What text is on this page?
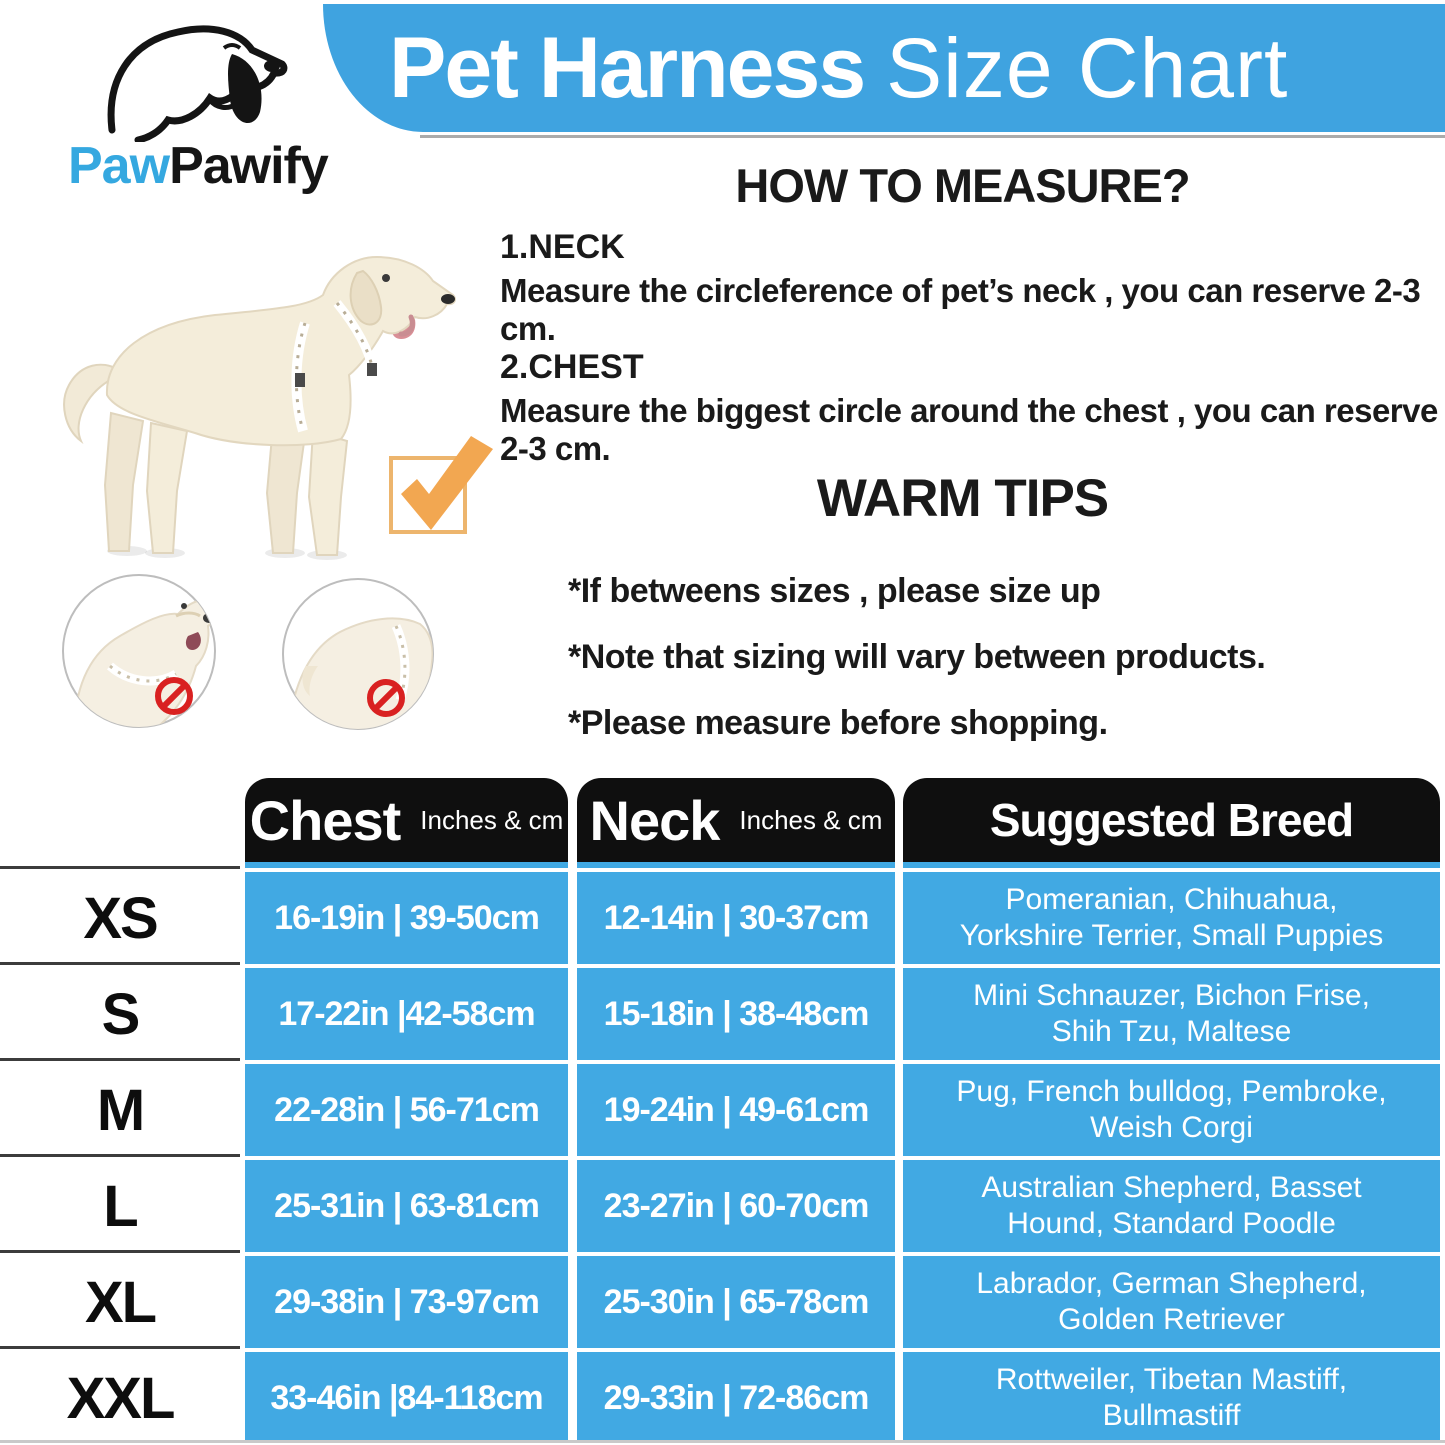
PawPawify
Pet Harness Size Chart
HOW TO MEASURE?
1.NECK
Measure the circleference of pet’s neck , you can reserve 2-3 cm.
2.CHEST
Measure the biggest circle around the chest , you can reserve 2-3 cm.
WARM TIPS
*If betweens sizes , please size up
*Note that sizing will vary between products.
*Please measure before shopping.
Chest Inches & cm Neck Inches & cm Suggested Breed
16-19in | 39-50cm
17-22in |42-58cm
22-28in | 56-71cm
25-31in | 63-81cm
29-38in | 73-97cm
33-46in |84-118cm
12-14in | 30-37cm
15-18in | 38-48cm
19-24in | 49-61cm
23-27in | 60-70cm
25-30in | 65-78cm
29-33in | 72-86cm
Pomeranian, Chihuahua,
Yorkshire Terrier, Small Puppies
Mini Schnauzer, Bichon Frise,
Shih Tzu, Maltese
Pug, French bulldog, Pembroke,
Weish Corgi
Australian Shepherd, Basset
Hound, Standard Poodle
Labrador, German Shepherd,
Golden Retriever
Rottweiler, Tibetan Mastiff,
Bullmastiff
XS
S
M
L
XL
XXL
